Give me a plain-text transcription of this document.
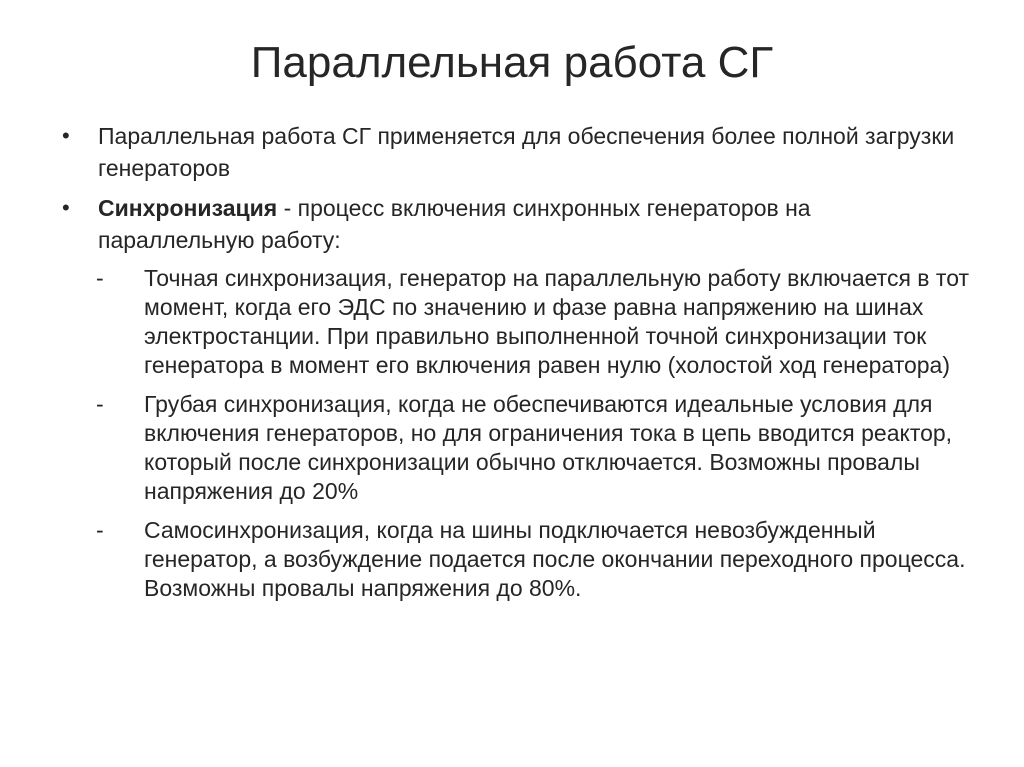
Параллельная работа СГ
•	Параллельная работа СГ применяется для обеспечения более полной загрузки генераторов
•	Синхронизация - процесс включения синхронных генераторов на параллельную работу:
-	Точная синхронизация, генератор на параллельную работу включается в тот момент, когда его ЭДС по значению и фазе равна напряжению на шинах электростанции. При правильно выполненной точной синхронизации ток генератора в момент его включения равен нулю (холостой ход генератора)
-	Грубая синхронизация, когда не обеспечиваются идеальные условия для включения генераторов, но для ограничения тока в цепь вводится реактор, который после синхронизации обычно отключается. Возможны провалы напряжения до 20%
-	Самосинхронизация, когда на шины подключается невозбужденный генератор, а возбуждение подается после окончании переходного процесса. Возможны провалы напряжения до 80%.
